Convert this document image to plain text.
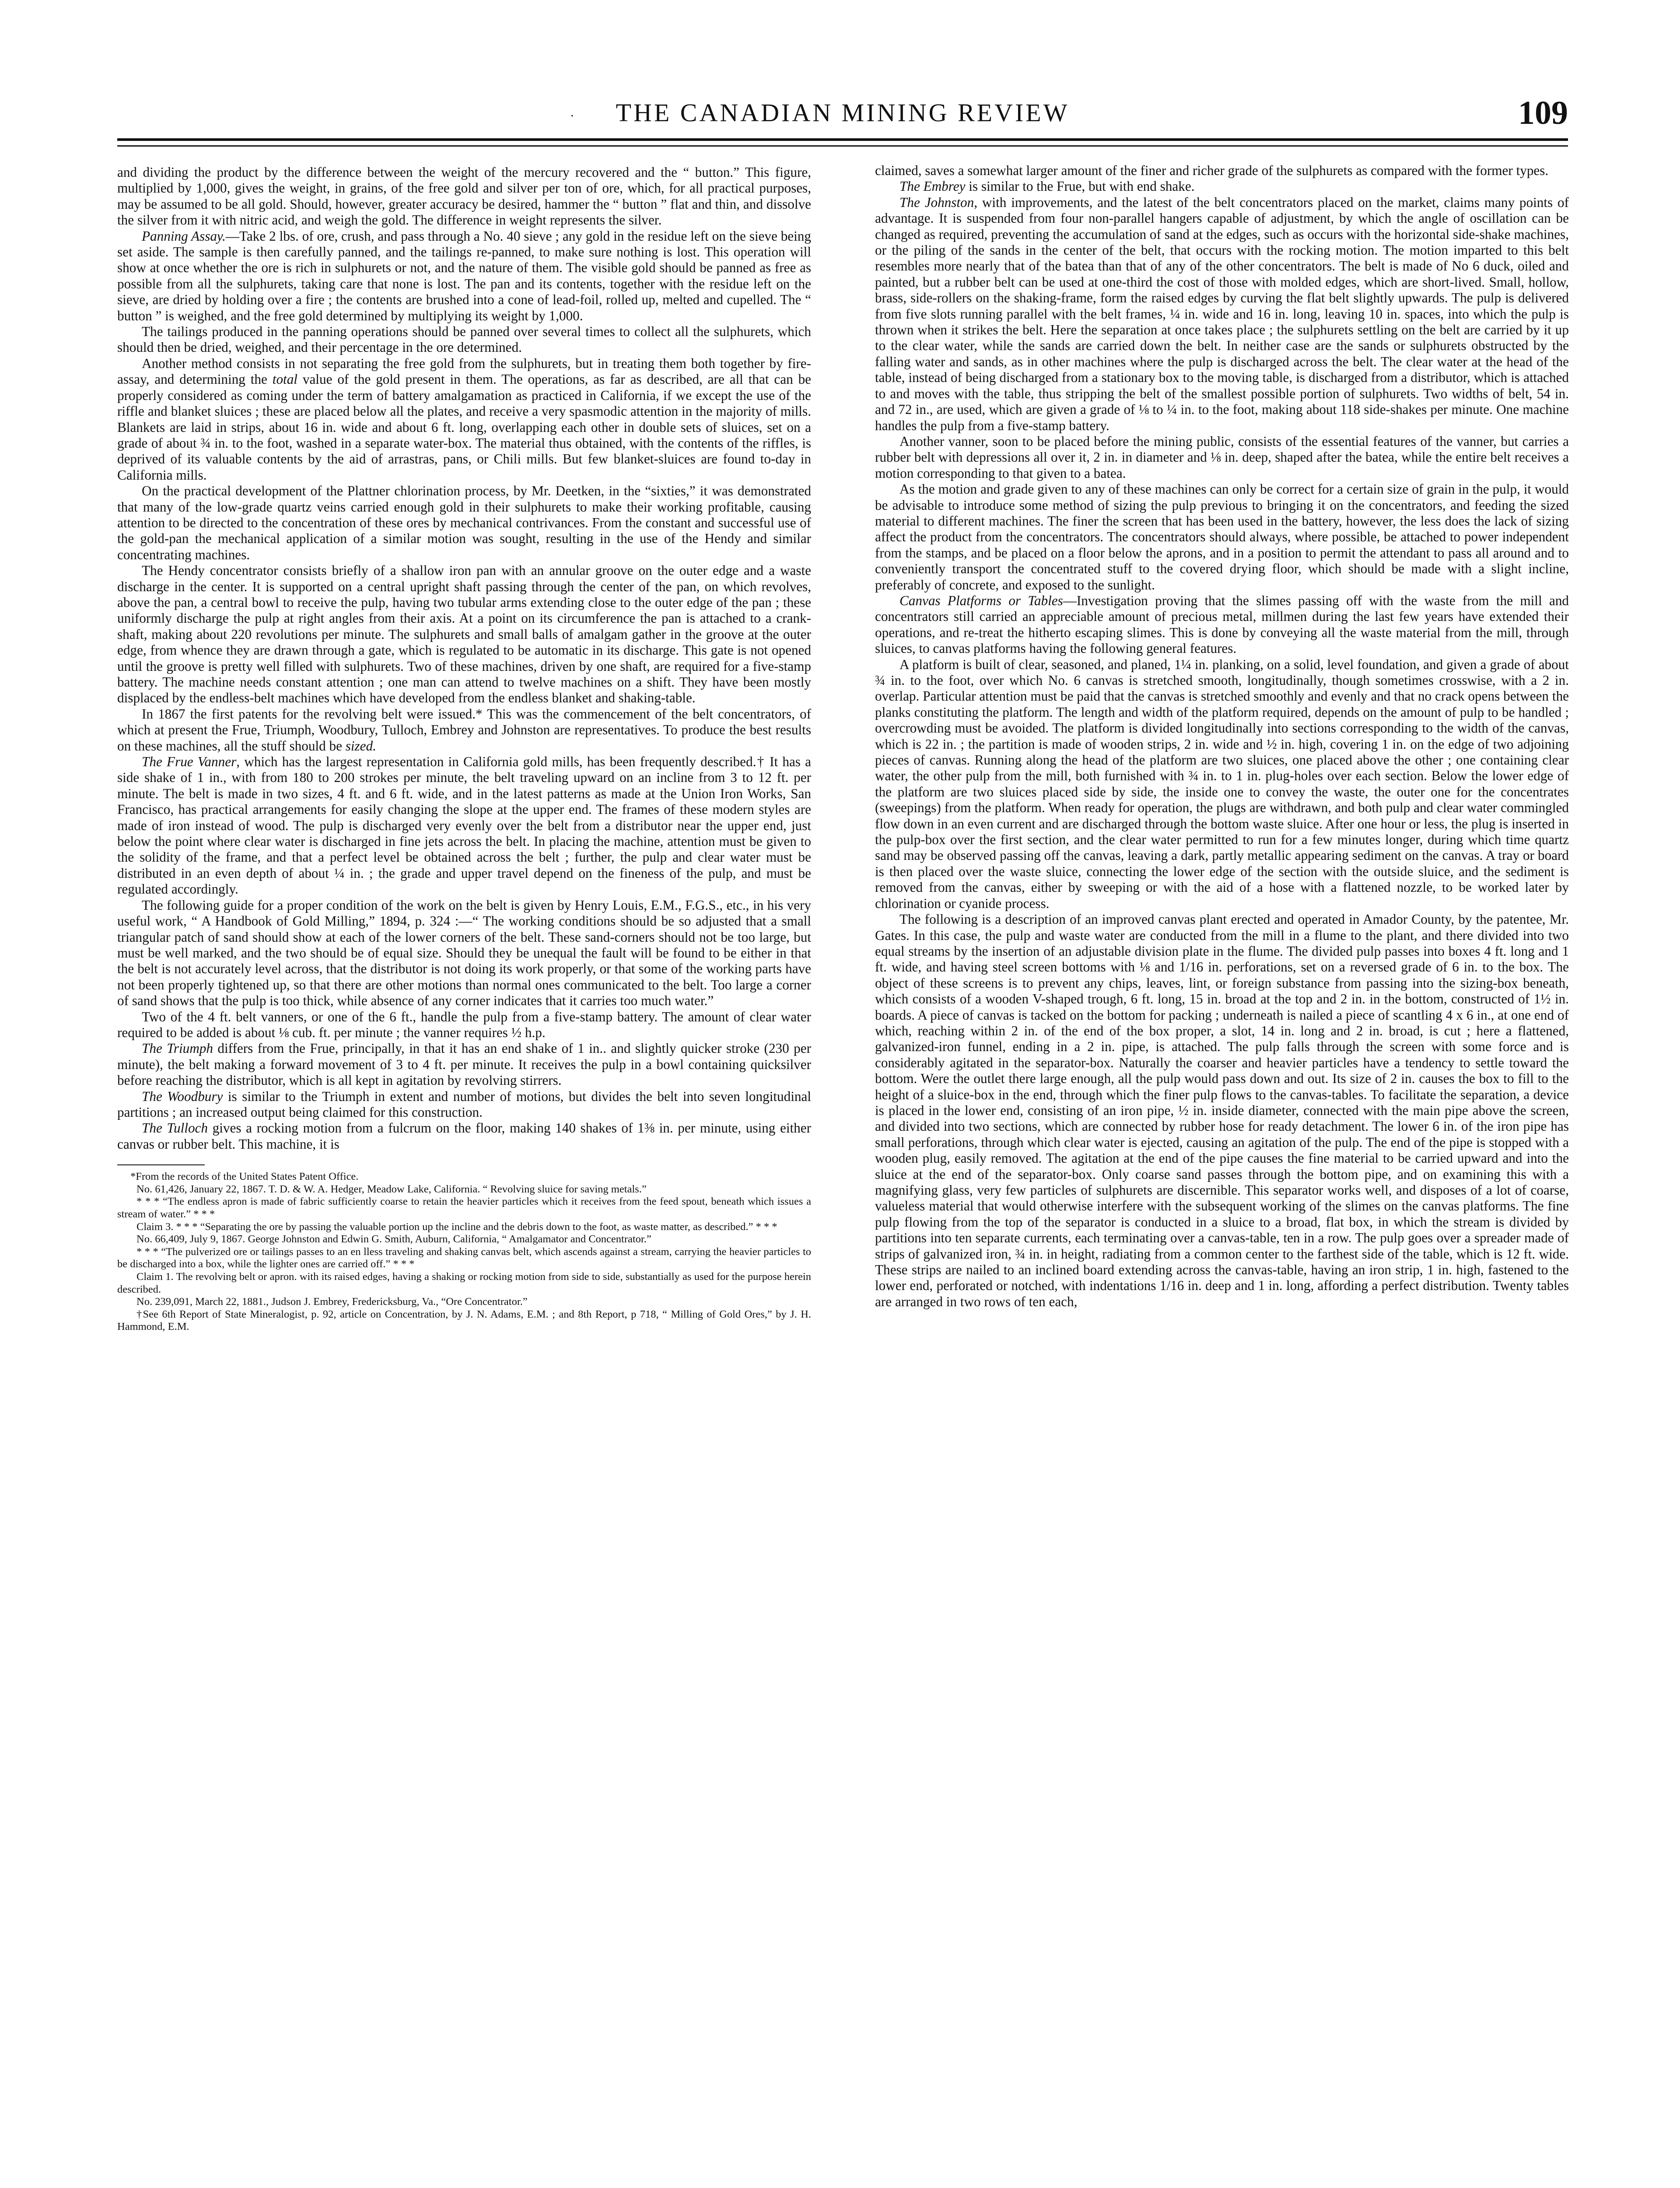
.	THE CANADIAN MINING REVIEW	109

and dividing the product by the difference between the weight of the mercury recovered and the “ button.” This figure, multiplied by 1,000, gives the weight, in grains, of the free gold and silver per ton of ore, which, for all practical purposes, may be assumed to be all gold. Should, however, greater accuracy be desired, hammer the “ button ” flat and thin, and dissolve the silver from it with nitric acid, and weigh the gold. The difference in weight represents the silver.

Panning Assay.—Take 2 lbs. of ore, crush, and pass through a No. 40 sieve ; any gold in the residue left on the sieve being set aside. The sample is then carefully panned, and the tailings re-panned, to make sure nothing is lost. This operation will show at once whether the ore is rich in sulphurets or not, and the nature of them. The visible gold should be panned as free as possible from all the sulphurets, taking care that none is lost. The pan and its contents, together with the residue left on the sieve, are dried by holding over a fire ; the contents are brushed into a cone of lead-foil, rolled up, melted and cupelled. The “ button ” is weighed, and the free gold determined by multiplying its weight by 1,000.

The tailings produced in the panning operations should be panned over several times to collect all the sulphurets, which should then be dried, weighed, and their percentage in the ore determined.

Another method consists in not separating the free gold from the sulphurets, but in treating them both together by fire-assay, and determining the total value of the gold present in them. The operations, as far as described, are all that can be properly considered as coming under the term of battery amalgamation as practiced in California, if we except the use of the riffle and blanket sluices ; these are placed below all the plates, and receive a very spasmodic attention in the majority of mills. Blankets are laid in strips, about 16 in. wide and about 6 ft. long, overlapping each other in double sets of sluices, set on a grade of about ¾ in. to the foot, washed in a separate water-box. The material thus obtained, with the contents of the riffles, is deprived of its valuable contents by the aid of arrastras, pans, or Chili mills. But few blanket-sluices are found to-day in California mills.

On the practical development of the Plattner chlorination process, by Mr. Deetken, in the “sixties,” it was demonstrated that many of the low-grade quartz veins carried enough gold in their sulphurets to make their working profitable, causing attention to be directed to the concentration of these ores by mechanical contrivances. From the constant and successful use of the gold-pan the mechanical application of a similar motion was sought, resulting in the use of the Hendy and similar concentrating machines.

The Hendy concentrator consists briefly of a shallow iron pan with an annular groove on the outer edge and a waste discharge in the center. It is supported on a central upright shaft passing through the center of the pan, on which revolves, above the pan, a central bowl to receive the pulp, having two tubular arms extending close to the outer edge of the pan ; these uniformly discharge the pulp at right angles from their axis. At a point on its circumference the pan is attached to a crank-shaft, making about 220 revolutions per minute. The sulphurets and small balls of amalgam gather in the groove at the outer edge, from whence they are drawn through a gate, which is regulated to be automatic in its discharge. This gate is not opened until the groove is pretty well filled with sulphurets. Two of these machines, driven by one shaft, are required for a five-stamp battery. The machine needs constant attention ; one man can attend to twelve machines on a shift. They have been mostly displaced by the endless-belt machines which have developed from the endless blanket and shaking-table.

In 1867 the first patents for the revolving belt were issued.* This was the commencement of the belt concentrators, of which at present the Frue, Triumph, Woodbury, Tulloch, Embrey and Johnston are representatives. To produce the best results on these machines, all the stuff should be sized.

The Frue Vanner, which has the largest representation in California gold mills, has been frequently described.† It has a side shake of 1 in., with from 180 to 200 strokes per minute, the belt traveling upward on an incline from 3 to 12 ft. per minute. The belt is made in two sizes, 4 ft. and 6 ft. wide, and in the latest patterns as made at the Union Iron Works, San Francisco, has practical arrangements for easily changing the slope at the upper end. The frames of these modern styles are made of iron instead of wood. The pulp is discharged very evenly over the belt from a distributor near the upper end, just below the point where clear water is discharged in fine jets across the belt. In placing the machine, attention must be given to the solidity of the frame, and that a perfect level be obtained across the belt ; further, the pulp and clear water must be distributed in an even depth of about ¼ in. ; the grade and upper travel depend on the fineness of the pulp, and must be regulated accordingly.

The following guide for a proper condition of the work on the belt is given by Henry Louis, E.M., F.G.S., etc., in his very useful work, “ A Handbook of Gold Milling,” 1894, p. 324 :—“ The working conditions should be so adjusted that a small triangular patch of sand should show at each of the lower corners of the belt. These sand-corners should not be too large, but must be well marked, and the two should be of equal size. Should they be unequal the fault will be found to be either in that the belt is not accurately level across, that the distributor is not doing its work properly, or that some of the working parts have not been properly tightened up, so that there are other motions than normal ones communicated to the belt. Too large a corner of sand shows that the pulp is too thick, while absence of any corner indicates that it carries too much water.”

Two of the 4 ft. belt vanners, or one of the 6 ft., handle the pulp from a five-stamp battery. The amount of clear water required to be added is about ⅛ cub. ft. per minute ; the vanner requires ½ h.p.

The Triumph differs from the Frue, principally, in that it has an end shake of 1 in.. and slightly quicker stroke (230 per minute), the belt making a forward movement of 3 to 4 ft. per minute. It receives the pulp in a bowl containing quicksilver before reaching the distributor, which is all kept in agitation by revolving stirrers.

The Woodbury is similar to the Triumph in extent and number of motions, but divides the belt into seven longitudinal partitions ; an increased output being claimed for this construction.

The Tulloch gives a rocking motion from a fulcrum on the floor, making 140 shakes of 1⅜ in. per minute, using either canvas or rubber belt. This machine, it is

*From the records of the United States Patent Office.

No. 61,426, January 22, 1867. T. D. & W. A. Hedger, Meadow Lake, California. “ Revolving sluice for saving metals.”

* * * “The endless apron is made of fabric sufficiently coarse to retain the heavier particles which it receives from the feed spout, beneath which issues a stream of water.” * * *

Claim 3. * * * “Separating the ore by passing the valuable portion up the incline and the debris down to the foot, as waste matter, as described.” * * *

No. 66,409, July 9, 1867. George Johnston and Edwin G. Smith, Auburn, California, “ Amalgamator and Concentrator.”

* * * “The pulverized ore or tailings passes to an en lless traveling and shaking canvas belt, which ascends against a stream, carrying the heavier particles to be discharged into a box, while the lighter ones are carried off.” * * *

Claim 1. The revolving belt or apron. with its raised edges, having a shaking or rocking motion from side to side, substantially as used for the purpose herein described.

No. 239,091, March 22, 1881., Judson J. Embrey, Fredericksburg, Va., “Ore Concentrator.”

†See 6th Report of State Mineralogist, p. 92, article on Concentration, by J. N. Adams, E.M. ; and 8th Report, p 718, “ Milling of Gold Ores,” by J. H. Hammond, E.M.

claimed, saves a somewhat larger amount of the finer and richer grade of the sulphurets as compared with the former types.

The Embrey is similar to the Frue, but with end shake.

The Johnston, with improvements, and the latest of the belt concentrators placed on the market, claims many points of advantage. It is suspended from four non-parallel hangers capable of adjustment, by which the angle of oscillation can be changed as required, preventing the accumulation of sand at the edges, such as occurs with the horizontal side-shake machines, or the piling of the sands in the center of the belt, that occurs with the rocking motion. The motion imparted to this belt resembles more nearly that of the batea than that of any of the other concentrators. The belt is made of No 6 duck, oiled and painted, but a rubber belt can be used at one-third the cost of those with molded edges, which are short-lived. Small, hollow, brass, side-rollers on the shaking-frame, form the raised edges by curving the flat belt slightly upwards. The pulp is delivered from five slots running parallel with the belt frames, ¼ in. wide and 16 in. long, leaving 10 in. spaces, into which the pulp is thrown when it strikes the belt. Here the separation at once takes place ; the sulphurets settling on the belt are carried by it up to the clear water, while the sands are carried down the belt. In neither case are the sands or sulphurets obstructed by the falling water and sands, as in other machines where the pulp is discharged across the belt. The clear water at the head of the table, instead of being discharged from a stationary box to the moving table, is discharged from a distributor, which is attached to and moves with the table, thus stripping the belt of the smallest possible portion of sulphurets. Two widths of belt, 54 in. and 72 in., are used, which are given a grade of ⅛ to ¼ in. to the foot, making about 118 side-shakes per minute. One machine handles the pulp from a five-stamp battery.

Another vanner, soon to be placed before the mining public, consists of the essential features of the vanner, but carries a rubber belt with depressions all over it, 2 in. in diameter and ⅛ in. deep, shaped after the batea, while the entire belt receives a motion corresponding to that given to a batea.

As the motion and grade given to any of these machines can only be correct for a certain size of grain in the pulp, it would be advisable to introduce some method of sizing the pulp previous to bringing it on the concentrators, and feeding the sized material to different machines. The finer the screen that has been used in the battery, however, the less does the lack of sizing affect the product from the concentrators. The concentrators should always, where possible, be attached to power independent from the stamps, and be placed on a floor below the aprons, and in a position to permit the attendant to pass all around and to conveniently transport the concentrated stuff to the covered drying floor, which should be made with a slight incline, preferably of concrete, and exposed to the sunlight.

Canvas Platforms or Tables—Investigation proving that the slimes passing off with the waste from the mill and concentrators still carried an appreciable amount of precious metal, millmen during the last few years have extended their operations, and re-treat the hitherto escaping slimes. This is done by conveying all the waste material from the mill, through sluices, to canvas platforms having the following general features.

A platform is built of clear, seasoned, and planed, 1¼ in. planking, on a solid, level foundation, and given a grade of about ¾ in. to the foot, over which No. 6 canvas is stretched smooth, longitudinally, though sometimes crosswise, with a 2 in. overlap. Particular attention must be paid that the canvas is stretched smoothly and evenly and that no crack opens between the planks constituting the platform. The length and width of the platform required, depends on the amount of pulp to be handled ; overcrowding must be avoided. The platform is divided longitudinally into sections corresponding to the width of the canvas, which is 22 in. ; the partition is made of wooden strips, 2 in. wide and ½ in. high, covering 1 in. on the edge of two adjoining pieces of canvas. Running along the head of the platform are two sluices, one placed above the other ; one containing clear water, the other pulp from the mill, both furnished with ¾ in. to 1 in. plug-holes over each section. Below the lower edge of the platform are two sluices placed side by side, the inside one to convey the waste, the outer one for the concentrates (sweepings) from the platform. When ready for operation, the plugs are withdrawn, and both pulp and clear water commingled flow down in an even current and are discharged through the bottom waste sluice. After one hour or less, the plug is inserted in the pulp-box over the first section, and the clear water permitted to run for a few minutes longer, during which time quartz sand may be observed passing off the canvas, leaving a dark, partly metallic appearing sediment on the canvas. A tray or board is then placed over the waste sluice, connecting the lower edge of the section with the outside sluice, and the sediment is removed from the canvas, either by sweeping or with the aid of a hose with a flattened nozzle, to be worked later by chlorination or cyanide process.

The following is a description of an improved canvas plant erected and operated in Amador County, by the patentee, Mr. Gates. In this case, the pulp and waste water are conducted from the mill in a flume to the plant, and there divided into two equal streams by the insertion of an adjustable division plate in the flume. The divided pulp passes into boxes 4 ft. long and 1 ft. wide, and having steel screen bottoms with ⅛ and 1/16 in. perforations, set on a reversed grade of 6 in. to the box. The object of these screens is to prevent any chips, leaves, lint, or foreign substance from passing into the sizing-box beneath, which consists of a wooden V-shaped trough, 6 ft. long, 15 in. broad at the top and 2 in. in the bottom, constructed of 1½ in. boards. A piece of canvas is tacked on the bottom for packing ; underneath is nailed a piece of scantling 4 x 6 in., at one end of which, reaching within 2 in. of the end of the box proper, a slot, 14 in. long and 2 in. broad, is cut ; here a flattened, galvanized-iron funnel, ending in a 2 in. pipe, is attached. The pulp falls through the screen with some force and is considerably agitated in the separator-box. Naturally the coarser and heavier particles have a tendency to settle toward the bottom. Were the outlet there large enough, all the pulp would pass down and out. Its size of 2 in. causes the box to fill to the height of a sluice-box in the end, through which the finer pulp flows to the canvas-tables. To facilitate the separation, a device is placed in the lower end, consisting of an iron pipe, ½ in. inside diameter, connected with the main pipe above the screen, and divided into two sections, which are connected by rubber hose for ready detachment. The lower 6 in. of the iron pipe has small perforations, through which clear water is ejected, causing an agitation of the pulp. The end of the pipe is stopped with a wooden plug, easily removed. The agitation at the end of the pipe causes the fine material to be carried upward and into the sluice at the end of the separator-box. Only coarse sand passes through the bottom pipe, and on examining this with a magnifying glass, very few particles of sulphurets are discernible. This separator works well, and disposes of a lot of coarse, valueless material that would otherwise interfere with the subsequent working of the slimes on the canvas platforms. The fine pulp flowing from the top of the separator is conducted in a sluice to a broad, flat box, in which the stream is divided by partitions into ten separate currents, each terminating over a canvas-table, ten in a row. The pulp goes over a spreader made of strips of galvanized iron, ¾ in. in height, radiating from a common center to the farthest side of the table, which is 12 ft. wide. These strips are nailed to an inclined board extending across the canvas-table, having an iron strip, 1 in. high, fastened to the lower end, perforated or notched, with indentations 1/16 in. deep and 1 in. long, affording a perfect distribution. Twenty tables are arranged in two rows of ten each,
